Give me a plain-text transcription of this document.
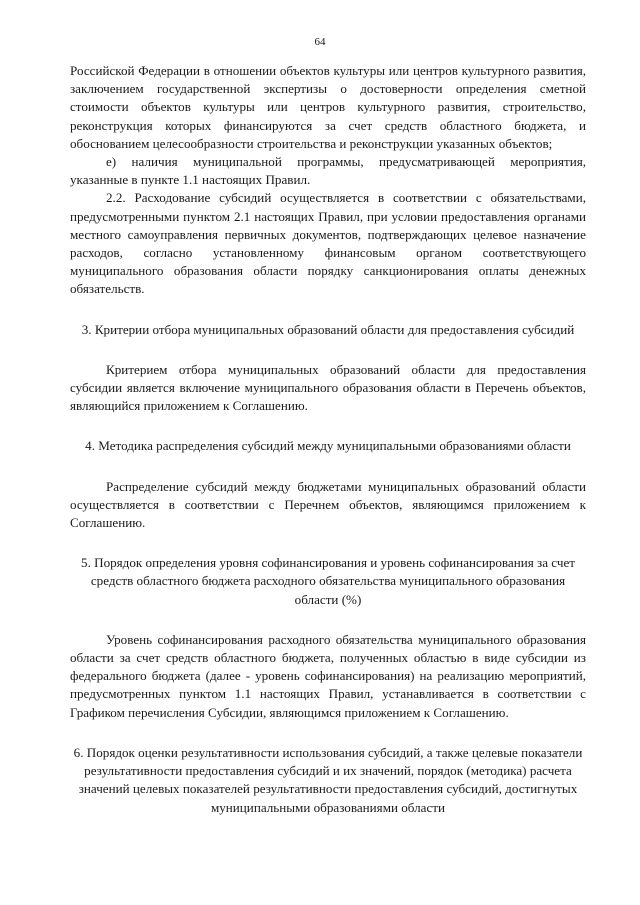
64

Российской Федерации в отношении объектов культуры или центров культурного развития, заключением государственной экспертизы о достоверности определения сметной стоимости объектов культуры или центров культурного развития, строительство, реконструкция которых финансируются за счет средств областного бюджета, и обоснованием целесообразности строительства и реконструкции указанных объектов;

е) наличия муниципальной программы, предусматривающей мероприятия, указанные в пункте 1.1 настоящих Правил.

2.2. Расходование субсидий осуществляется в соответствии с обязательствами, предусмотренными пунктом 2.1 настоящих Правил, при условии предоставления органами местного самоуправления первичных документов, подтверждающих целевое назначение расходов, согласно установленному финансовым органом соответствующего муниципального образования области порядку санкционирования оплаты денежных обязательств.

3. Критерии отбора муниципальных образований области для предоставления субсидий

Критерием отбора муниципальных образований области для предоставления субсидии является включение муниципального образования области в Перечень объектов, являющийся приложением к Соглашению.

4. Методика распределения субсидий между муниципальными образованиями области

Распределение субсидий между бюджетами муниципальных образований области осуществляется в соответствии с Перечнем объектов, являющимся приложением к Соглашению.

5. Порядок определения уровня софинансирования и уровень софинансирования за счет средств областного бюджета расходного обязательства муниципального образования области (%)

Уровень софинансирования расходного обязательства муниципального образования области за счет средств областного бюджета, полученных областью в виде субсидии из федерального бюджета (далее - уровень софинансирования) на реализацию мероприятий, предусмотренных пунктом 1.1 настоящих Правил, устанавливается в соответствии с Графиком перечисления Субсидии, являющимся приложением к Соглашению.

6. Порядок оценки результативности использования субсидий, а также целевые показатели результативности предоставления субсидий и их значений, порядок (методика) расчета значений целевых показателей результативности предоставления субсидий, достигнутых муниципальными образованиями области
